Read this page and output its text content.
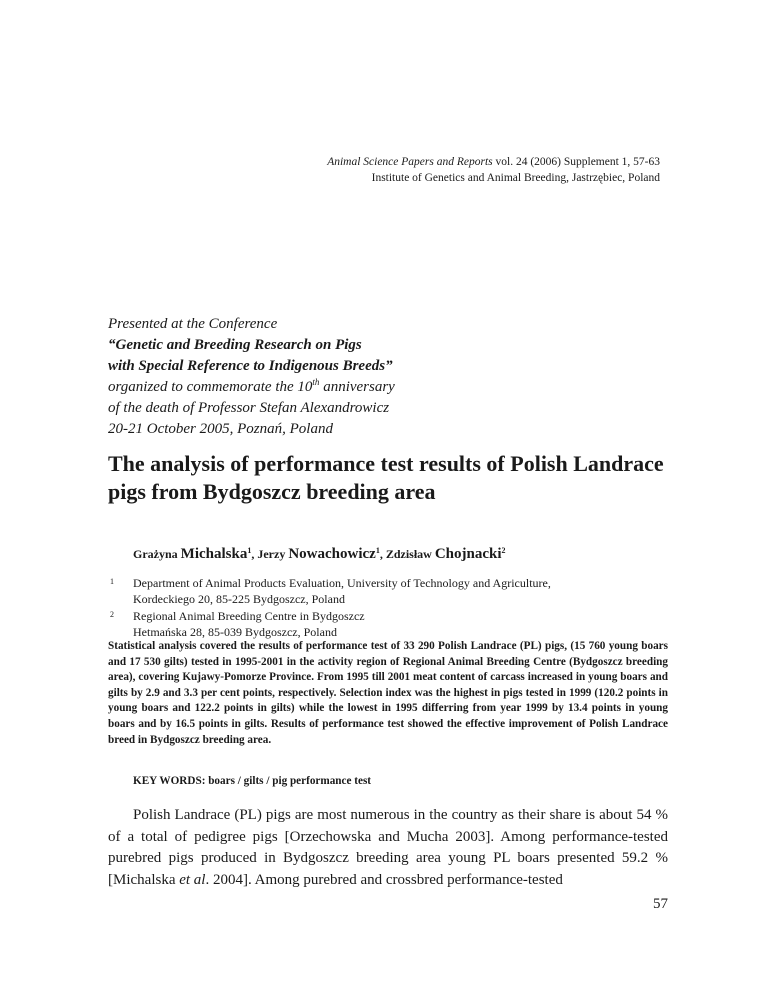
Animal Science Papers and Reports vol. 24 (2006) Supplement 1, 57-63
Institute of Genetics and Animal Breeding, Jastrzębiec, Poland
Presented at the Conference
“Genetic and Breeding Research on Pigs
with Special Reference to Indigenous Breeds”
organized to commemorate the 10th anniversary
of the death of Professor Stefan Alexandrowicz
20-21 October 2005, Poznań, Poland
The analysis of performance test results of Polish Landrace pigs from Bydgoszcz breeding area
Grażyna Michalska$^1$, Jerzy Nowachowicz$^1$, Zdzisław Chojnacki$^2$
1	Department of Animal Products Evaluation, University of Technology and Agriculture,
Kordeckiego 20, 85-225 Bydgoszcz, Poland
2	Regional Animal Breeding Centre in Bydgoszcz
Hetmańska 28, 85-039 Bydgoszcz, Poland

Statistical analysis covered the results of performance test of 33 290 Polish Landrace (PL) pigs, (15 760 young boars and 17 530 gilts) tested in 1995-2001 in the activity region of Regional Animal Breeding Centre (Bydgoszcz breeding area), covering Kujawy-Pomorze Province. From 1995 till 2001 meat content of carcass increased in young boars and gilts by 2.9 and 3.3 per cent points, respectively. Selection index was the highest in pigs tested in 1999 (120.2 points in young boars and 122.2 points in gilts) while the lowest in 1995 differring from year 1999 by 13.4 points in young boars and by 16.5 points in gilts. Results of performance test showed the effective improvement of Polish Landrace breed in Bydgoszcz breeding area.

KEY WORDS: boars / gilts / pig performance test

Polish Landrace (PL) pigs are most numerous in the country as their share is about 54 % of a total of pedigree pigs [Orzechowska and Mucha 2003]. Among performance-tested purebred pigs produced in Bydgoszcz breeding area young PL boars presented 59.2 % [Michalska et al. 2004]. Among purebred and crossbred performance-tested

57
